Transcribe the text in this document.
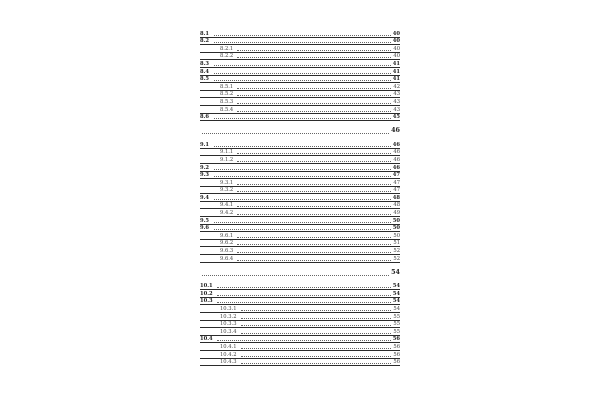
8.1	40
8.2	40
8.2.1	40
8.2.2	40
8.3	41
8.4	41
8.5	41
8.5.1	42
8.5.2	43
8.5.3	43
8.5.4	43
8.6	45
46
9.1	46
9.1.1	46
9.1.2	46
9.2	46
9.3	47
9.3.1	47
9.3.2	47
9.4	48
9.4.1	48
9.4.2	49
9.5	50
9.6	50
9.6.1	50
9.6.2	51
9.6.3	52
9.6.4	52
54
10.1	54
10.2	54
10.3	54
10.3.1	54
10.3.2	55
10.3.3	55
10.3.4	55
10.4	56
10.4.1	56
10.4.2	56
10.4.3	56
